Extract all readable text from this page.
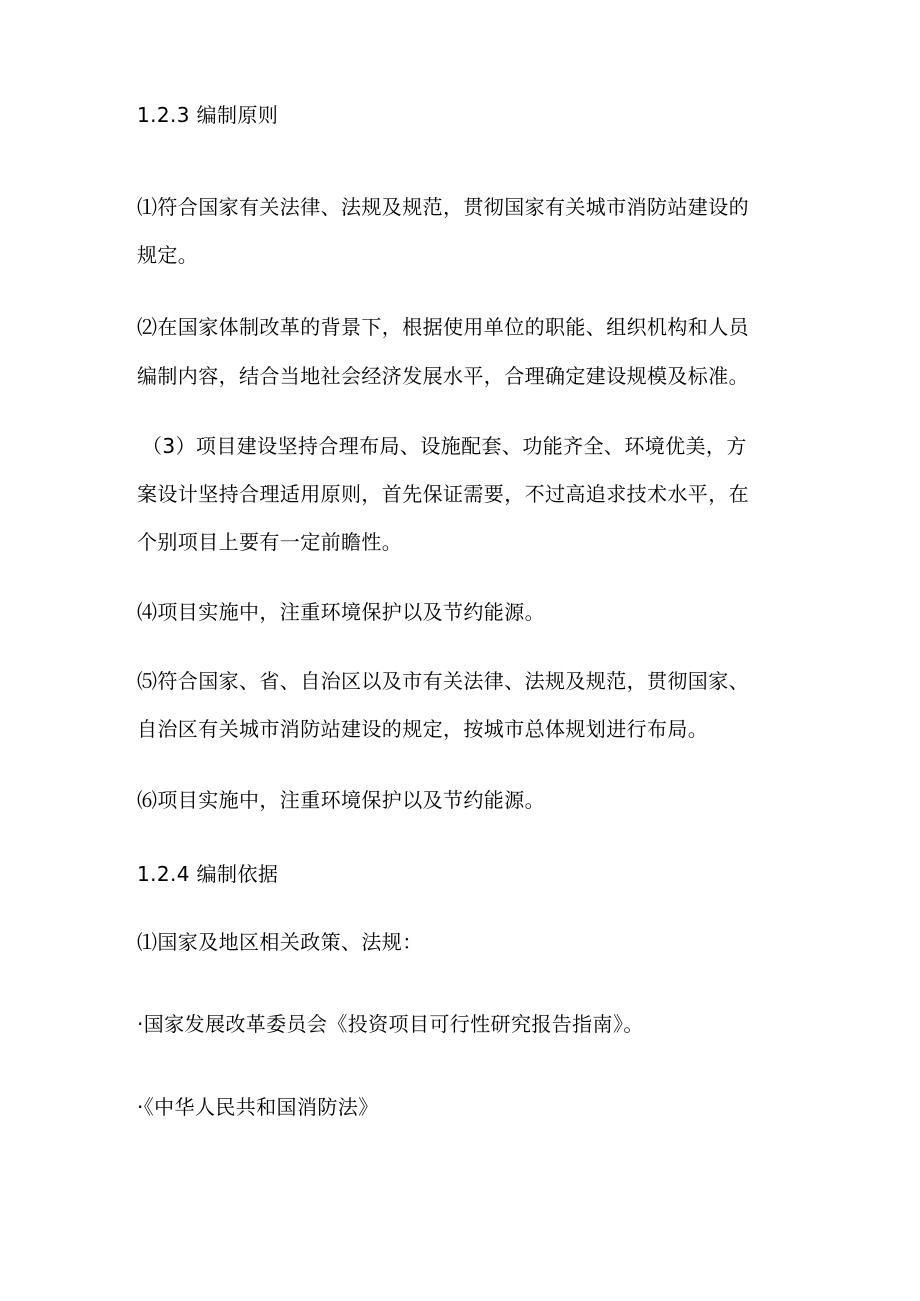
1.2.3 编制原则
⑴符合国家有关法律、法规及规范，贯彻国家有关城市消防站建设的
规定。
⑵在国家体制改革的背景下，根据使用单位的职能、组织机构和人员
编制内容，结合当地社会经济发展水平，合理确定建设规模及标准。
（3）项目建设坚持合理布局、设施配套、功能齐全、环境优美，方
案设计坚持合理适用原则，首先保证需要，不过高追求技术水平，在
个别项目上要有一定前瞻性。
⑷项目实施中，注重环境保护以及节约能源。
⑸符合国家、省、自治区以及市有关法律、法规及规范，贯彻国家、
自治区有关城市消防站建设的规定，按城市总体规划进行布局。
⑹项目实施中，注重环境保护以及节约能源。
1.2.4 编制依据
⑴国家及地区相关政策、法规：
·国家发展改革委员会《投资项目可行性研究报告指南》。
·《中华人民共和国消防法》
